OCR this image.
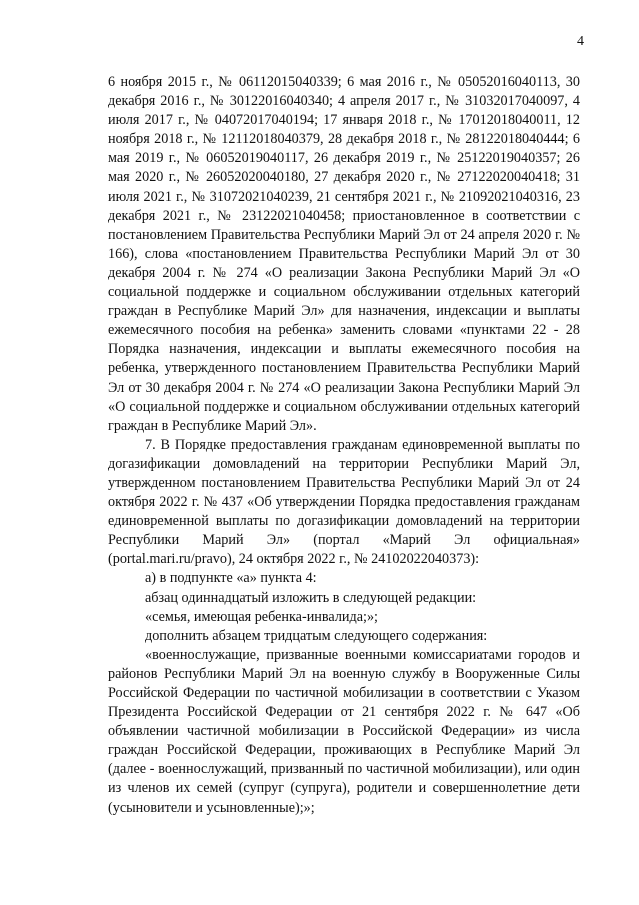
4

6 ноября 2015 г., № 06112015040339; 6 мая 2016 г., № 05052016040113, 30 декабря 2016 г., № 30122016040340; 4 апреля 2017 г., № 31032017040097, 4 июля 2017 г., № 04072017040194; 17 января 2018 г., № 17012018040011, 12 ноября 2018 г., № 12112018040379, 28 декабря 2018 г., № 28122018040444; 6 мая 2019 г., № 06052019040117, 26 декабря 2019 г., № 25122019040357; 26 мая 2020 г., № 26052020040180, 27 декабря 2020 г., № 27122020040418; 31 июля 2021 г., № 31072021040239, 21 сентября 2021 г., № 21092021040316, 23 декабря 2021 г., № 23122021040458; приостановленное в соответствии с постановлением Правительства Республики Марий Эл от 24 апреля 2020 г. № 166), слова «постановлением Правительства Республики Марий Эл от 30 декабря 2004 г. № 274 «О реализации Закона Республики Марий Эл «О социальной поддержке и социальном обслуживании отдельных категорий граждан в Республике Марий Эл» для назначения, индексации и выплаты ежемесячного пособия на ребенка» заменить словами «пунктами 22 - 28 Порядка назначения, индексации и выплаты ежемесячного пособия на ребенка, утвержденного постановлением Правительства Республики Марий Эл от 30 декабря 2004 г. № 274 «О реализации Закона Республики Марий Эл «О социальной поддержке и социальном обслуживании отдельных категорий граждан в Республике Марий Эл».

7. В Порядке предоставления гражданам единовременной выплаты по догазификации домовладений на территории Республики Марий Эл, утвержденном постановлением Правительства Республики Марий Эл от 24 октября 2022 г. № 437 «Об утверждении Порядка предоставления гражданам единовременной выплаты по догазификации домовладений на территории Республики Марий Эл» (портал «Марий Эл официальная» (portal.mari.ru/pravo), 24 октября 2022 г., № 24102022040373):

а) в подпункте «а» пункта 4:

абзац одиннадцатый изложить в следующей редакции:

«семья, имеющая ребенка-инвалида;»;

дополнить абзацем тридцатым следующего содержания:

«военнослужащие, призванные военными комиссариатами городов и районов Республики Марий Эл на военную службу в Вооруженные Силы Российской Федерации по частичной мобилизации в соответствии с Указом Президента Российской Федерации от 21 сентября 2022 г. № 647 «Об объявлении частичной мобилизации в Российской Федерации» из числа граждан Российской Федерации, проживающих в Республике Марий Эл (далее - военнослужащий, призванный по частичной мобилизации), или один из членов их семей (супруг (супруга), родители и совершеннолетние дети (усыновители и усыновленные);»;
